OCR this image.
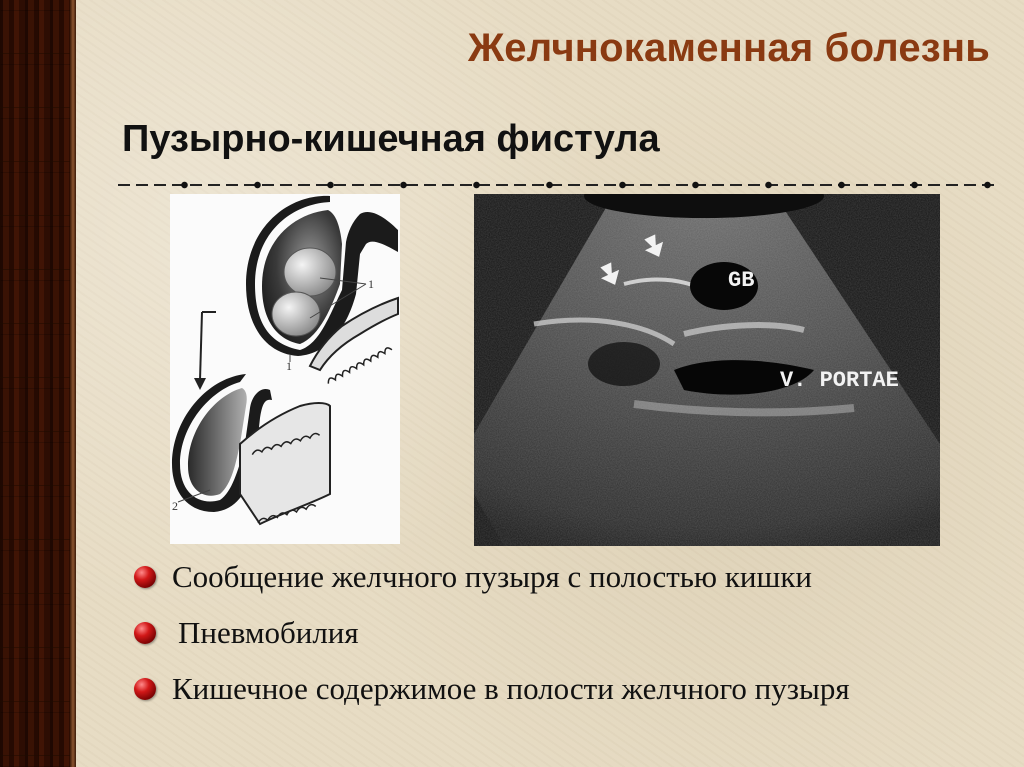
Желчнокаменная болезнь
Пузырно-кишечная фистула
1
1
2
GB
V. PORTAE
Сообщение желчного пузыря с полостью кишки
Пневмобилия
Кишечное содержимое в полости желчного пузыря
